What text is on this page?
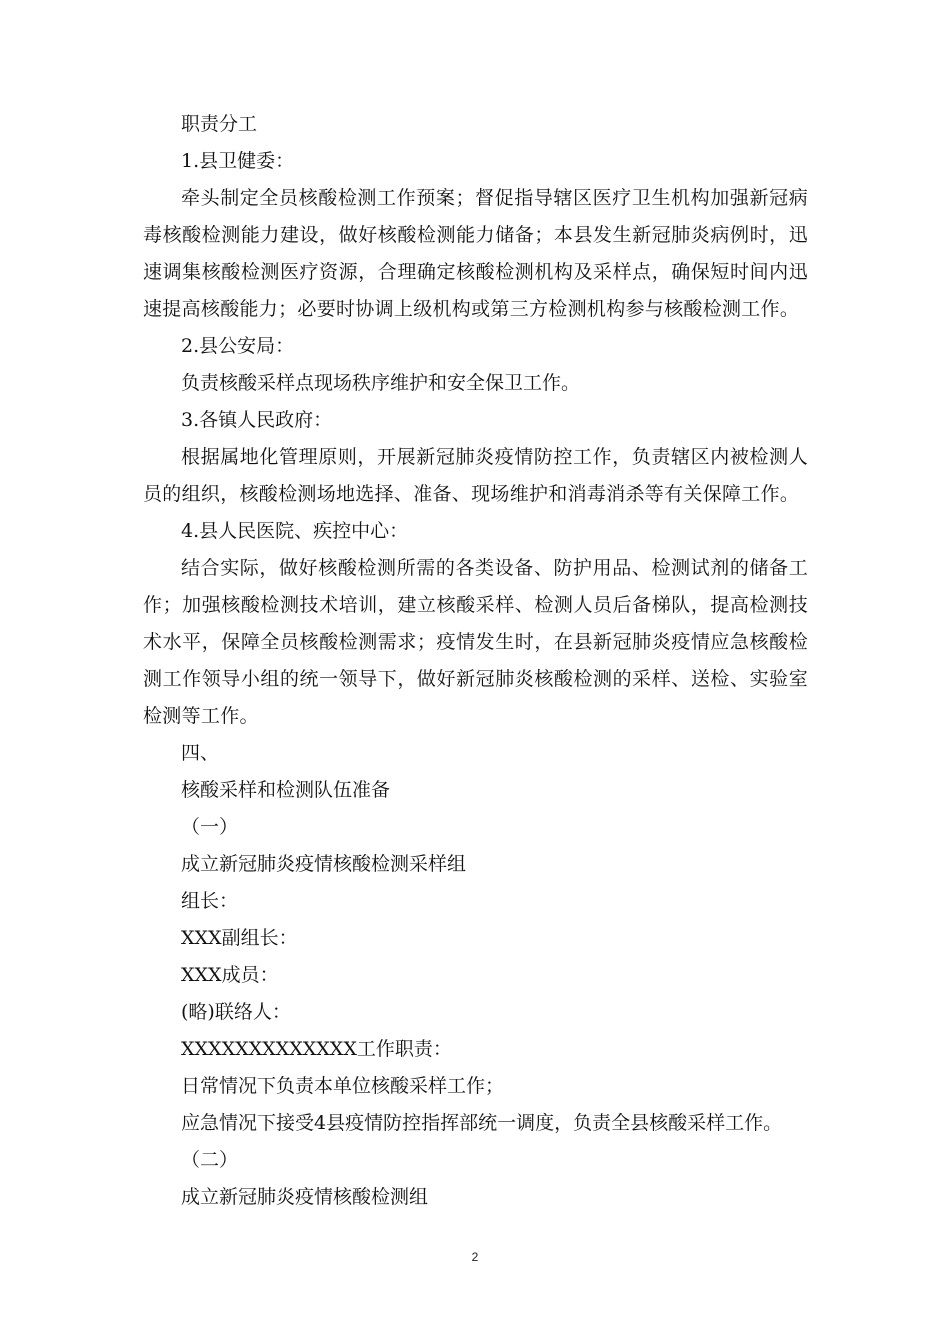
职责分工

1.县卫健委：

牵头制定全员核酸检测工作预案；督促指导辖区医疗卫生机构加强新冠病毒核酸检测能力建设，做好核酸检测能力储备；本县发生新冠肺炎病例时，迅速调集核酸检测医疗资源，合理确定核酸检测机构及采样点，确保短时间内迅速提高核酸能力；必要时协调上级机构或第三方检测机构参与核酸检测工作。

2.县公安局：

负责核酸采样点现场秩序维护和安全保卫工作。

3.各镇人民政府：

根据属地化管理原则，开展新冠肺炎疫情防控工作，负责辖区内被检测人员的组织，核酸检测场地选择、准备、现场维护和消毒消杀等有关保障工作。

4.县人民医院、疾控中心：

结合实际，做好核酸检测所需的各类设备、防护用品、检测试剂的储备工作；加强核酸检测技术培训，建立核酸采样、检测人员后备梯队，提高检测技术水平，保障全员核酸检测需求；疫情发生时，在县新冠肺炎疫情应急核酸检测工作领导小组的统一领导下，做好新冠肺炎核酸检测的采样、送检、实验室检测等工作。

四、

核酸采样和检测队伍准备

（一）

成立新冠肺炎疫情核酸检测采样组

组长：

XXX副组长：

XXX成员：

(略)联络人：

XXXXXXXXXXXXX工作职责：

日常情况下负责本单位核酸采样工作；

应急情况下接受4县疫情防控指挥部统一调度，负责全县核酸采样工作。

（二）

成立新冠肺炎疫情核酸检测组

2
